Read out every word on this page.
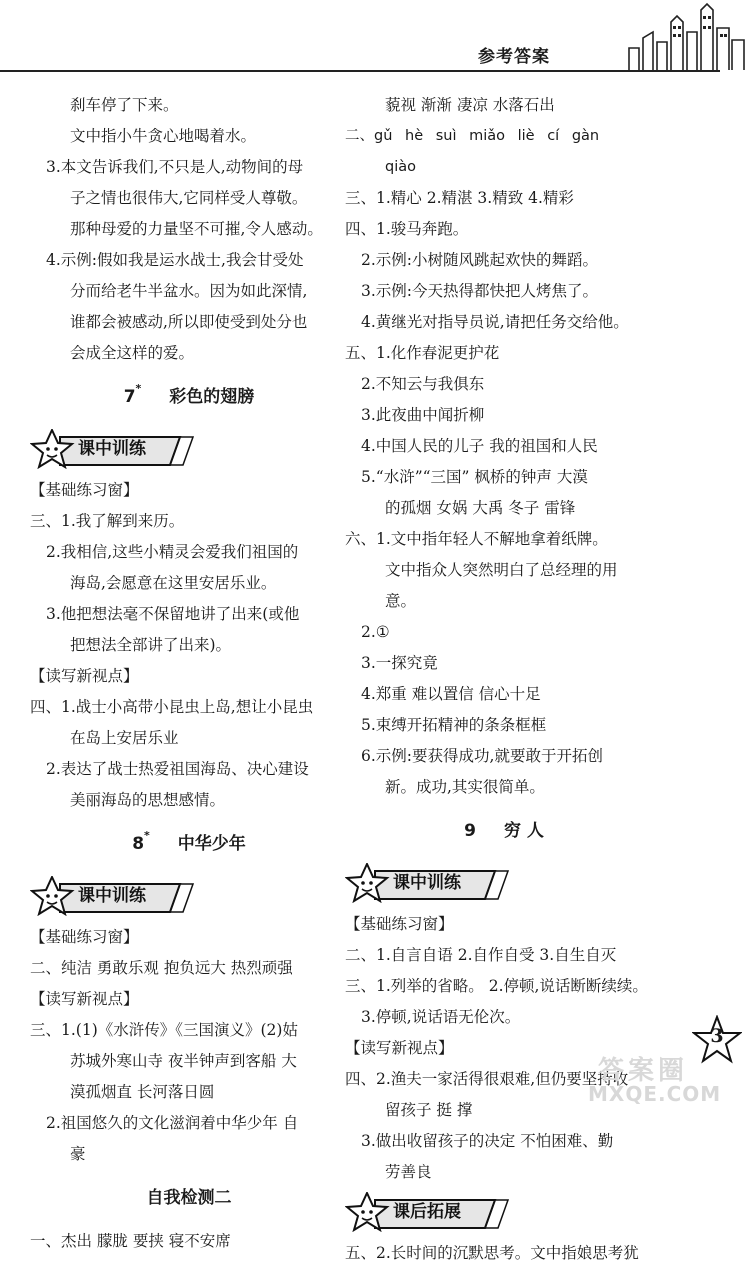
参考答案
刹车停了下来。
文中指小牛贪心地喝着水。
3.本文告诉我们,不只是人,动物间的母
子之情也很伟大,它同样受人尊敬。
那种母爱的力量坚不可摧,令人感动。
4.示例:假如我是运水战士,我会甘受处
分而给老牛半盆水。因为如此深情,
谁都会被感动,所以即使受到处分也
会成全这样的爱。
7* 彩色的翅膀
课中训练
【基础练习窗】
三、1.我了解到来历。
2.我相信,这些小精灵会爱我们祖国的
海岛,会愿意在这里安居乐业。
3.他把想法毫不保留地讲了出来(或他
把想法全部讲了出来)。
【读写新视点】
四、1.战士小高带小昆虫上岛,想让小昆虫
在岛上安居乐业
2.表达了战士热爱祖国海岛、决心建设
美丽海岛的思想感情。
8* 中华少年
课中训练
【基础练习窗】
二、纯洁 勇敢乐观 抱负远大 热烈顽强
【读写新视点】
三、1.(1)《水浒传》《三国演义》(2)姑
苏城外寒山寺 夜半钟声到客船 大
漠孤烟直 长河落日圆
2.祖国悠久的文化滋润着中华少年 自
豪
自我检测二
一、杰出 朦胧 要挟 寝不安席
藐视 渐渐 凄凉 水落石出
二、gǔ hè suì miǎo liè cí gàn
qiào
三、1.精心 2.精湛 3.精致 4.精彩
四、1.骏马奔跑。
2.示例:小树随风跳起欢快的舞蹈。
3.示例:今天热得都快把人烤焦了。
4.黄继光对指导员说,请把任务交给他。
五、1.化作春泥更护花
2.不知云与我俱东
3.此夜曲中闻折柳
4.中国人民的儿子 我的祖国和人民
5.“水浒”“三国” 枫桥的钟声 大漠
的孤烟 女娲 大禹 冬子 雷锋
六、1.文中指年轻人不解地拿着纸牌。
文中指众人突然明白了总经理的用
意。
2.①
3.一探究竟
4.郑重 难以置信 信心十足
5.束缚开拓精神的条条框框
6.示例:要获得成功,就要敢于开拓创
新。成功,其实很简单。
9 穷 人
课中训练
【基础练习窗】
二、1.自言自语 2.自作自受 3.自生自灭
三、1.列举的省略。 2.停顿,说话断断续续。
3.停顿,说话语无伦次。
【读写新视点】
四、2.渔夫一家活得很艰难,但仍要坚持收
留孩子 挺 撑
3.做出收留孩子的决定 不怕困难、勤
劳善良
课后拓展
五、2.长时间的沉默思考。文中指娘思考犹
3
答案圈
MXQE.COM
